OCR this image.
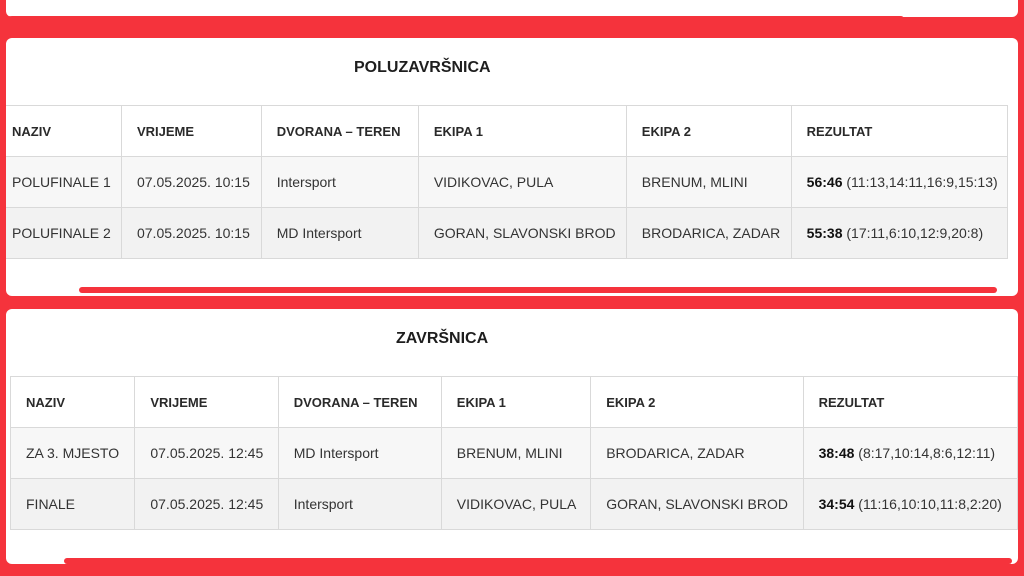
POLUZAVRŠNICA
NAZIV	VRIJEME	DVORANA – TEREN	EKIPA 1	EKIPA 2	REZULTAT
POLUFINALE 1	07.05.2025. 10:15	Intersport	VIDIKOVAC, PULA	BRENUM, MLINI	56:46 (11:13,14:11,16:9,15:13)
POLUFINALE 2	07.05.2025. 10:15	MD Intersport	GORAN, SLAVONSKI BROD	BRODARICA, ZADAR	55:38 (17:11,6:10,12:9,20:8)
ZAVRŠNICA
NAZIV	VRIJEME	DVORANA – TEREN	EKIPA 1	EKIPA 2	REZULTAT
ZA 3. MJESTO	07.05.2025. 12:45	MD Intersport	BRENUM, MLINI	BRODARICA, ZADAR	38:48 (8:17,10:14,8:6,12:11)
FINALE	07.05.2025. 12:45	Intersport	VIDIKOVAC, PULA	GORAN, SLAVONSKI BROD	34:54 (11:16,10:10,11:8,2:20)
